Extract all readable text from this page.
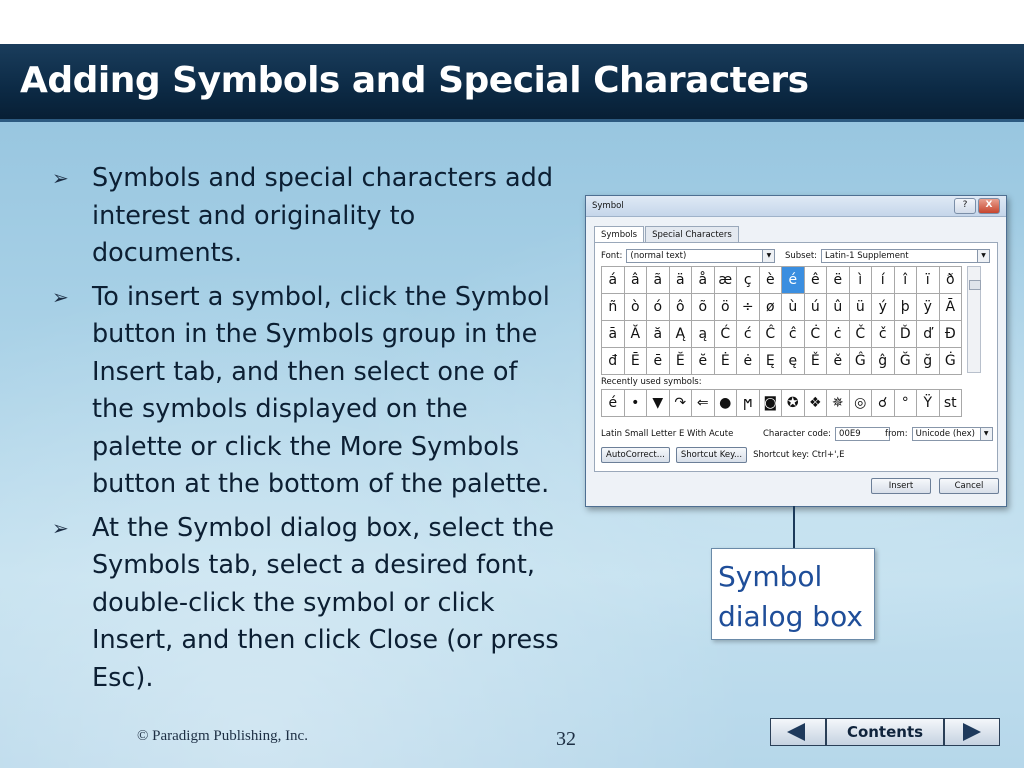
Adding Symbols and Special Characters
➢ Symbols and special characters add interest and originality to documents.
➢ To insert a symbol, click the Symbol button in the Symbols group in the Insert tab, and then select one of the symbols displayed on the palette or click the More Symbols button at the bottom of the palette.
➢ At the Symbol dialog box, select the Symbols tab, select a desired font, double-click the symbol or click Insert, and then click Close (or press Esc).
Symbol	?	X
Symbols	Special Characters
Font: (normal text)	▼	Subset: Latin-1 Supplement	▼
á â ã ä å æ ç	è é ê ë	ì	í	î	ï	ð
ñ ò ó ô õ ö ÷ ø ù ú û ü ý þ ÿ Ā
ā Ă ă Ą ą Ć ć Ĉ ĉ Ċ ċ Č č Ď ď Đ
đ Ē ē Ĕ ĕ Ė ė Ę ę Ě ě Ĝ ĝ Ğ ğ Ġ
Recently used symbols:
é	• ▼ ↷ ⇐ ● ϻ ◙ ✪ ❖ ✵ ◎ ☌	°	Ϋ st
Latin Small Letter E With Acute	Character code: 00E9	from: Unicode (hex)	▼
AutoCorrect...	Shortcut Key...	Shortcut key: Ctrl+',E
Insert	Cancel
Symbol dialog box
© Paradigm Publishing, Inc.	32	Contents
